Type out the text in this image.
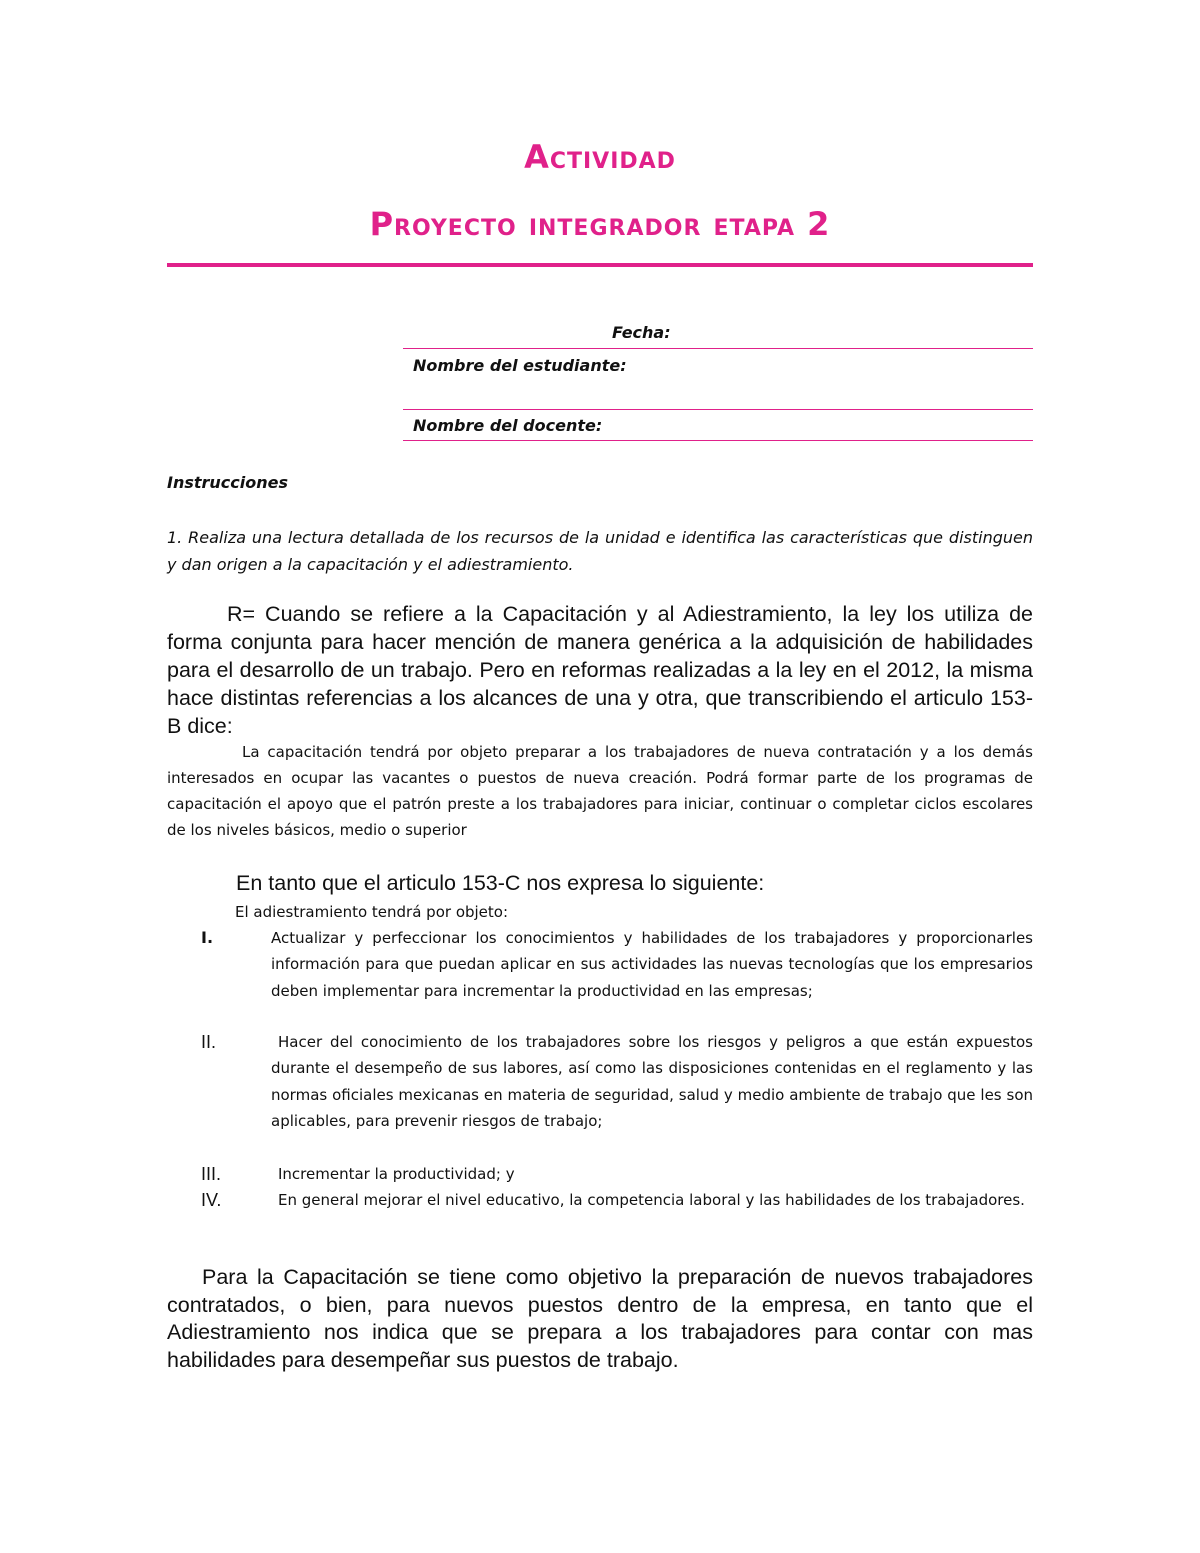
Actividad
Proyecto integrador etapa 2
Fecha:
Nombre del estudiante:
Nombre del docente:
Instrucciones
1. Realiza una lectura detallada de los recursos de la unidad e identifica las características que distinguen y dan origen a la capacitación y el adiestramiento.
R= Cuando se refiere a la Capacitación y al Adiestramiento, la ley los utiliza de forma conjunta para hacer mención de manera genérica a la adquisición de habilidades para el desarrollo de un trabajo. Pero en reformas realizadas a la ley en el 2012, la misma hace distintas referencias a los alcances de una y otra, que transcribiendo el articulo 153-B dice:
La capacitación tendrá por objeto preparar a los trabajadores de nueva contratación y a los demás interesados en ocupar las vacantes o puestos de nueva creación. Podrá formar parte de los programas de capacitación el apoyo que el patrón preste a los trabajadores para iniciar, continuar o completar ciclos escolares de los niveles básicos, medio o superior
En tanto que el articulo 153-C nos expresa lo siguiente:
El adiestramiento tendrá por objeto:
I.	Actualizar y perfeccionar los conocimientos y habilidades de los trabajadores y proporcionarles información para que puedan aplicar en sus actividades las nuevas tecnologías que los empresarios deben implementar para incrementar la productividad en las empresas;
II.	Hacer del conocimiento de los trabajadores sobre los riesgos y peligros a que están expuestos durante el desempeño de sus labores, así como las disposiciones contenidas en el reglamento y las normas oficiales mexicanas en materia de seguridad, salud y medio ambiente de trabajo que les son aplicables, para prevenir riesgos de trabajo;
III.	Incrementar la productividad; y
IV.	En general mejorar el nivel educativo, la competencia laboral y las habilidades de los trabajadores.
Para la Capacitación se tiene como objetivo la preparación de nuevos trabajadores contratados, o bien, para nuevos puestos dentro de la empresa, en tanto que el Adiestramiento nos indica que se prepara a los trabajadores para contar con mas habilidades para desempeñar sus puestos de trabajo.
